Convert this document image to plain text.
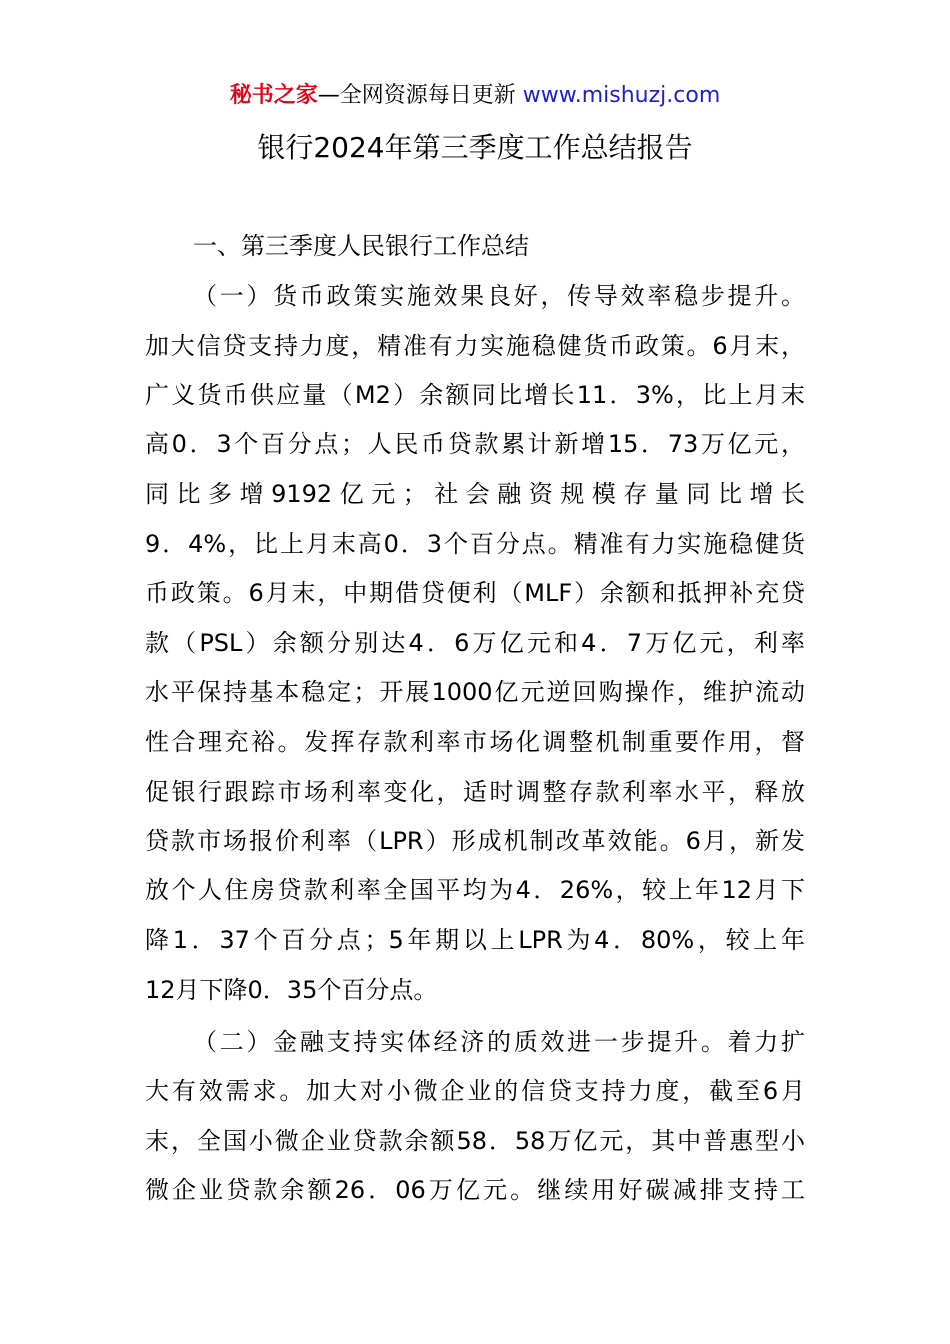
秘书之家—全网资源每日更新 www.mishuzj.com
银行2024年第三季度工作总结报告
一、第三季度人民银行工作总结
（一）货币政策实施效果良好，传导效率稳步提升。
加大信贷支持力度，精准有力实施稳健货币政策。6月末，
广义货币供应量（M2）余额同比增长11．3%，比上月末
高0．3个百分点；人民币贷款累计新增15．73万亿元，
同比多增9192亿元；社会融资规模存量同比增长
9．4%，比上月末高0．3个百分点。精准有力实施稳健货
币政策。6月末，中期借贷便利（MLF）余额和抵押补充贷
款（PSL）余额分别达4．6万亿元和4．7万亿元，利率
水平保持基本稳定；开展1000亿元逆回购操作，维护流动
性合理充裕。发挥存款利率市场化调整机制重要作用，督
促银行跟踪市场利率变化，适时调整存款利率水平，释放
贷款市场报价利率（LPR）形成机制改革效能。6月，新发
放个人住房贷款利率全国平均为4．26%，较上年12月下
降1．37个百分点；5年期以上LPR为4．80%，较上年
12月下降0．35个百分点。
（二）金融支持实体经济的质效进一步提升。着力扩
大有效需求。加大对小微企业的信贷支持力度，截至6月
末，全国小微企业贷款余额58．58万亿元，其中普惠型小
微企业贷款余额26．06万亿元。继续用好碳减排支持工
